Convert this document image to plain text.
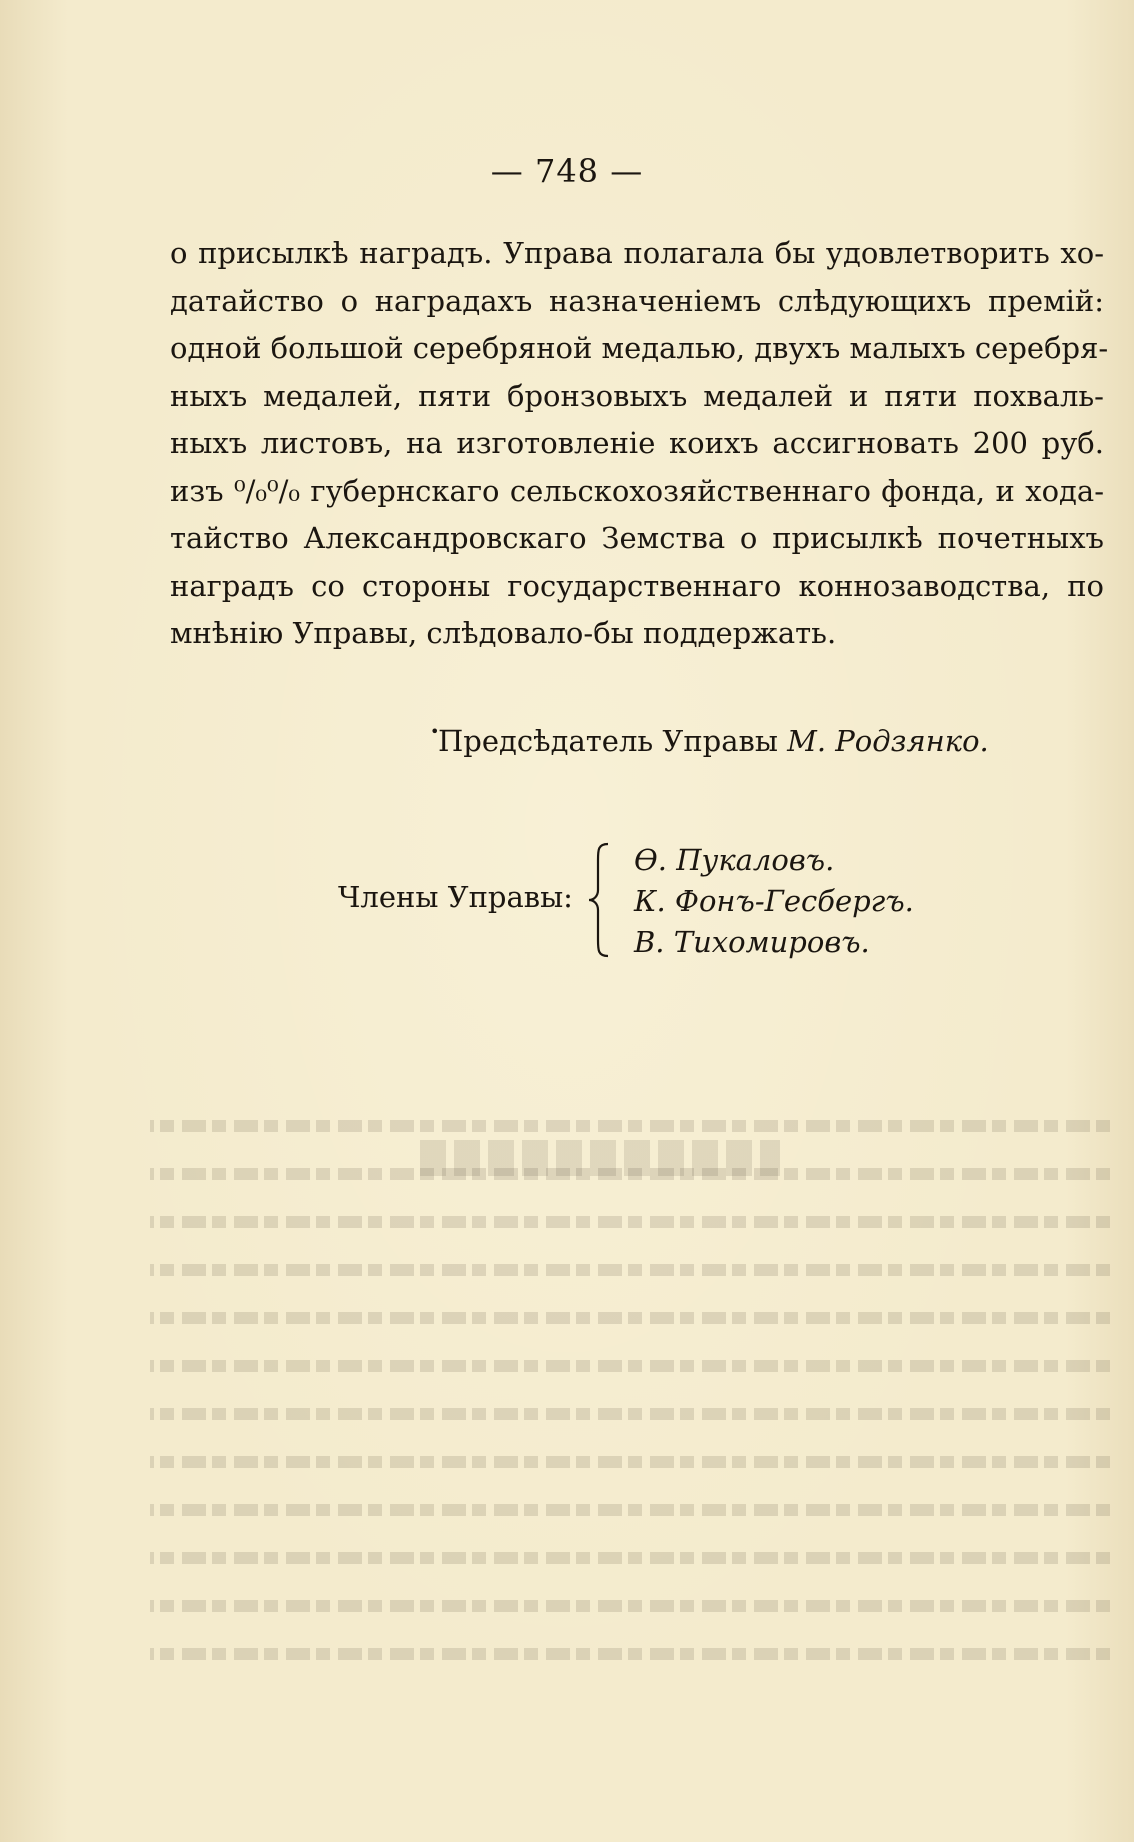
— 748 —
о присылкѣ наградъ. Управа полагала бы удовлетворить хо-
датайство о наградахъ назначеніемъ слѣдующихъ премій:
одной большой серебряной медалью, двухъ малыхъ серебря-
ныхъ медалей, пяти бронзовыхъ медалей и пяти похваль-
ныхъ листовъ, на изготовленіе коихъ ассигновать 200 руб.
изъ ⁰/₀⁰/₀ губернскаго сельскохозяйственнаго фонда, и хода-
тайство Александровскаго Земства о присылкѣ почетныхъ
наградъ со стороны государственнаго коннозаводства, по
мнѣнію Управы, слѣдовало-бы поддержать.
•
Предсѣдатель Управы М. Родзянко.
Члены Управы:
Ѳ. Пукаловъ.
К. Фонъ-Гесбергъ.
В. Тихомировъ.
